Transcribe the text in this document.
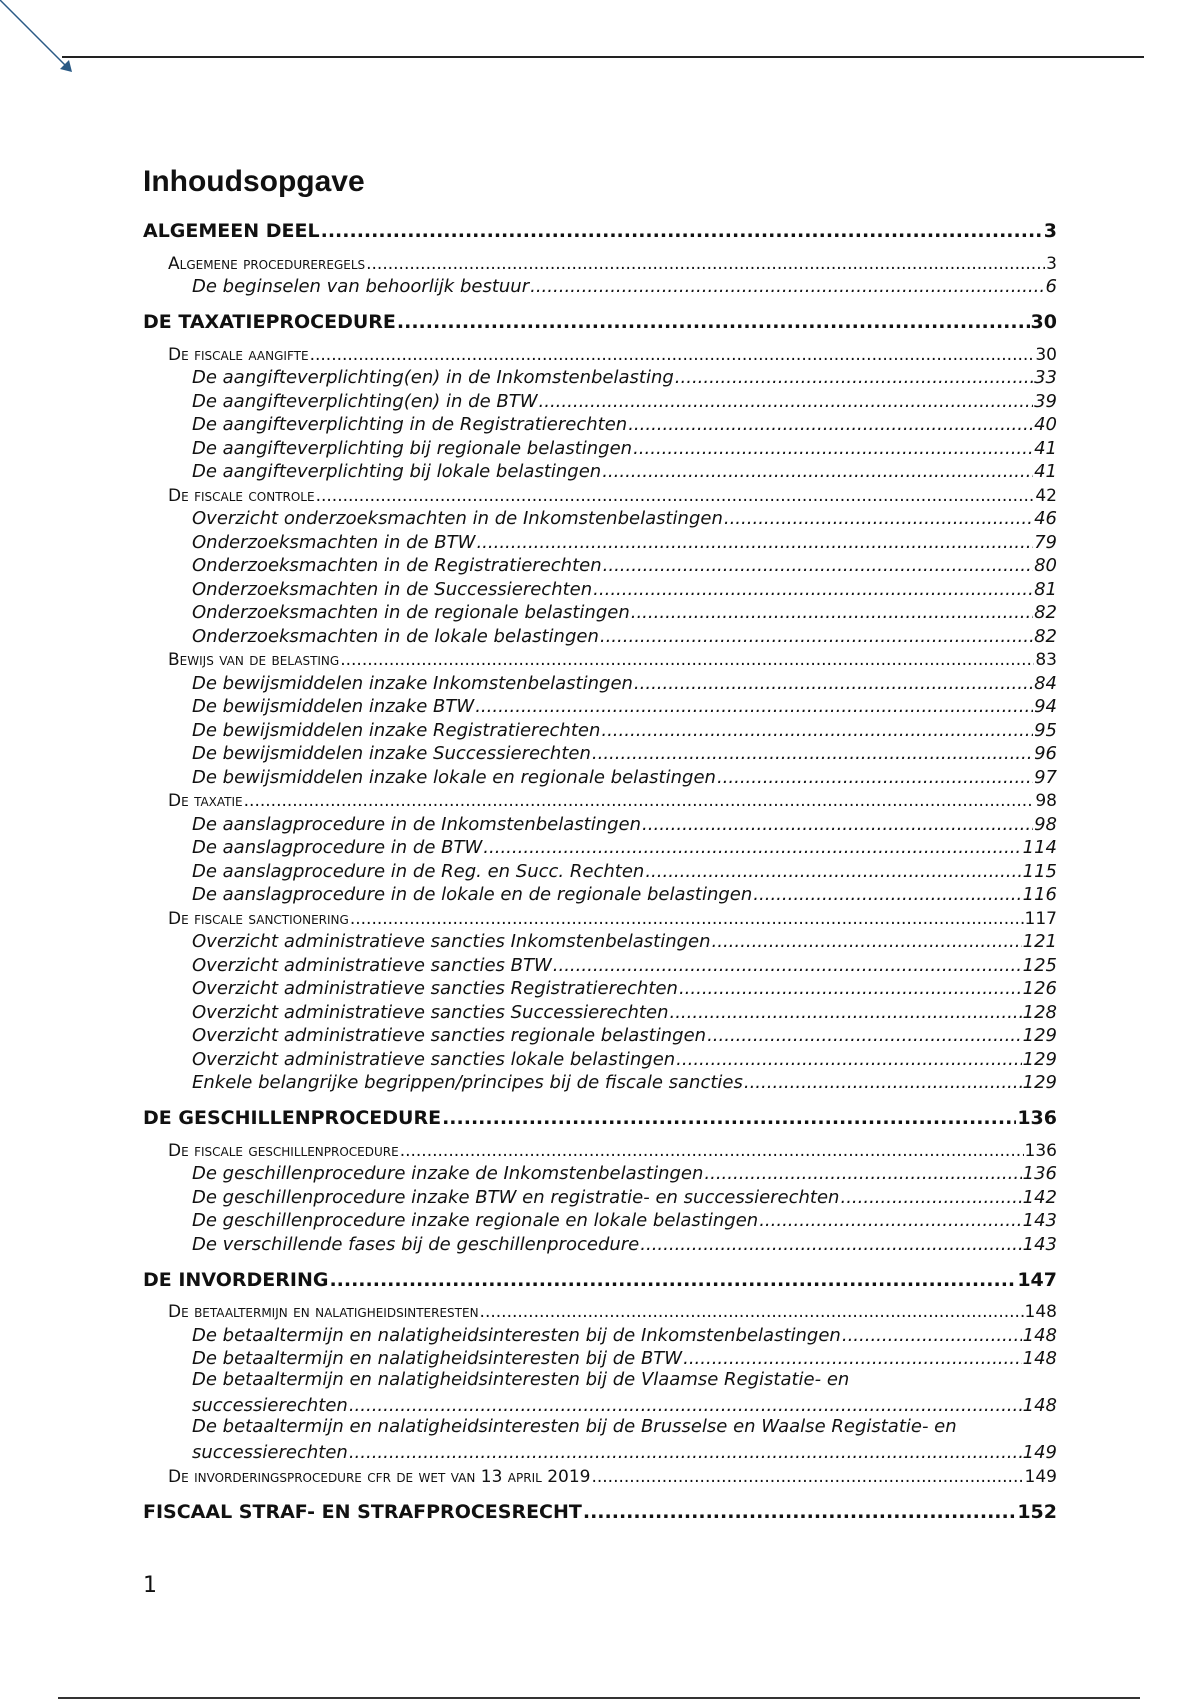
Inhoudsopgave
ALGEMEEN DEEL .....	3
Algemene procedureregels .....	3
De beginselen van behoorlijk bestuur .....	6
DE TAXATIEPROCEDURE .....	30
De fiscale aangifte .....	30
De aangifteverplichting(en) in de Inkomstenbelasting .....	33
De aangifteverplichting(en) in de BTW .....	39
De aangifteverplichting in de Registratierechten .....	40
De aangifteverplichting bij regionale belastingen .....	41
De aangifteverplichting bij lokale belastingen .....	41
De fiscale controle .....	42
Overzicht onderzoeksmachten in de Inkomstenbelastingen .....	46
Onderzoeksmachten in de BTW .....	79
Onderzoeksmachten in de Registratierechten .....	80
Onderzoeksmachten in de Successierechten .....	81
Onderzoeksmachten in de regionale belastingen .....	82
Onderzoeksmachten in de lokale belastingen .....	82
Bewijs van de belasting .....	83
De bewijsmiddelen inzake Inkomstenbelastingen .....	84
De bewijsmiddelen inzake BTW .....	94
De bewijsmiddelen inzake Registratierechten .....	95
De bewijsmiddelen inzake Successierechten .....	96
De bewijsmiddelen inzake lokale en regionale belastingen .....	97
De taxatie .....	98
De aanslagprocedure in de Inkomstenbelastingen .....	98
De aanslagprocedure in de BTW .....	114
De aanslagprocedure in de Reg. en Succ. Rechten .....	115
De aanslagprocedure in de lokale en de regionale belastingen .....	116
De fiscale sanctionering .....	117
Overzicht administratieve sancties Inkomstenbelastingen .....	121
Overzicht administratieve sancties BTW .....	125
Overzicht administratieve sancties Registratierechten .....	126
Overzicht administratieve sancties Successierechten .....	128
Overzicht administratieve sancties regionale belastingen .....	129
Overzicht administratieve sancties lokale belastingen .....	129
Enkele belangrijke begrippen/principes bij de fiscale sancties .....	129
DE GESCHILLENPROCEDURE .....	136
De fiscale geschillenprocedure .....	136
De geschillenprocedure inzake de Inkomstenbelastingen .....	136
De geschillenprocedure inzake BTW en registratie- en successierechten .....	142
De geschillenprocedure inzake regionale en lokale belastingen .....	143
De verschillende fases bij de geschillenprocedure .....	143
DE INVORDERING .....	147
De betaaltermijn en nalatigheidsinteresten .....	148
De betaaltermijn en nalatigheidsinteresten bij de Inkomstenbelastingen .....	148
De betaaltermijn en nalatigheidsinteresten bij de BTW .....	148
De betaaltermijn en nalatigheidsinteresten bij de Vlaamse Registatie- en
successierechten .....	148
De betaaltermijn en nalatigheidsinteresten bij de Brusselse en Waalse Registatie- en
successierechten .....	149
De invorderingsprocedure cfr de wet van 13 april 2019 .....	149
FISCAAL STRAF- EN STRAFPROCESRECHT .....	152
1
